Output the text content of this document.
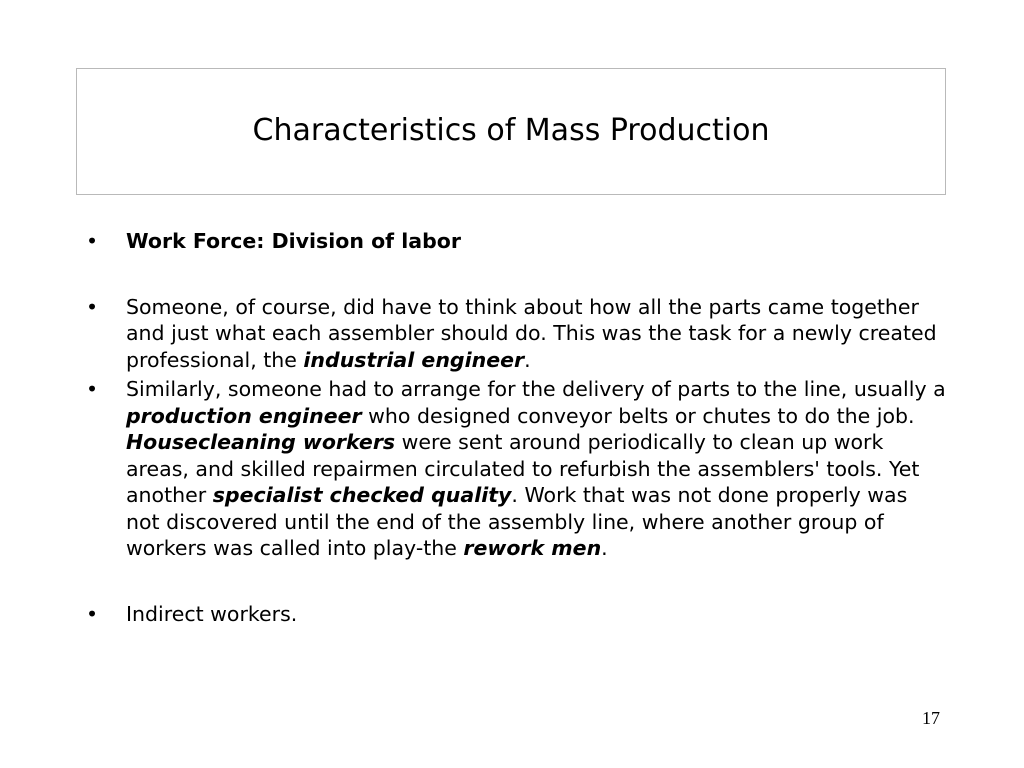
Characteristics of Mass Production
•	Work Force: Division of labor
•	Someone, of course, did have to think about how all the parts came together and just what each assembler should do. This was the task for a newly created professional, the industrial engineer.
•	Similarly, someone had to arrange for the delivery of parts to the line, usually a production engineer who designed conveyor belts or chutes to do the job. Housecleaning workers were sent around periodically to clean up work areas, and skilled repairmen circulated to refurbish the assemblers' tools. Yet another specialist checked quality. Work that was not done properly was not discovered until the end of the assembly line, where another group of workers was called into play-the rework men.
•	Indirect workers.
17
